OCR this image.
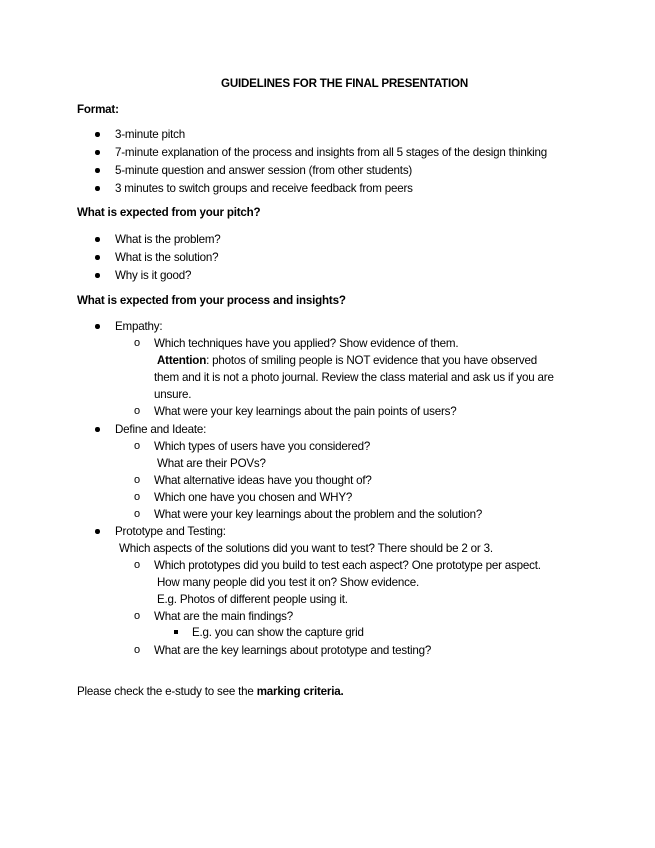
GUIDELINES FOR THE FINAL PRESENTATION
Format:
3-minute pitch
7-minute explanation of the process and insights from all 5 stages of the design thinking
5-minute question and answer session (from other students)
3 minutes to switch groups and receive feedback from peers
What is expected from your pitch?
What is the problem?
What is the solution?
Why is it good?
What is expected from your process and insights?
Empathy:
o Which techniques have you applied? Show evidence of them.
Attention: photos of smiling people is NOT evidence that you have observed
them and it is not a photo journal. Review the class material and ask us if you are
unsure.
o What were your key learnings about the pain points of users?
Define and Ideate:
o Which types of users have you considered?
What are their POVs?
o What alternative ideas have you thought of?
o Which one have you chosen and WHY?
o What were your key learnings about the problem and the solution?
Prototype and Testing:
Which aspects of the solutions did you want to test? There should be 2 or 3.
o Which prototypes did you build to test each aspect? One prototype per aspect.
How many people did you test it on? Show evidence.
E.g. Photos of different people using it.
o What are the main findings?
E.g. you can show the capture grid
o What are the key learnings about prototype and testing?
Please check the e-study to see the marking criteria.
